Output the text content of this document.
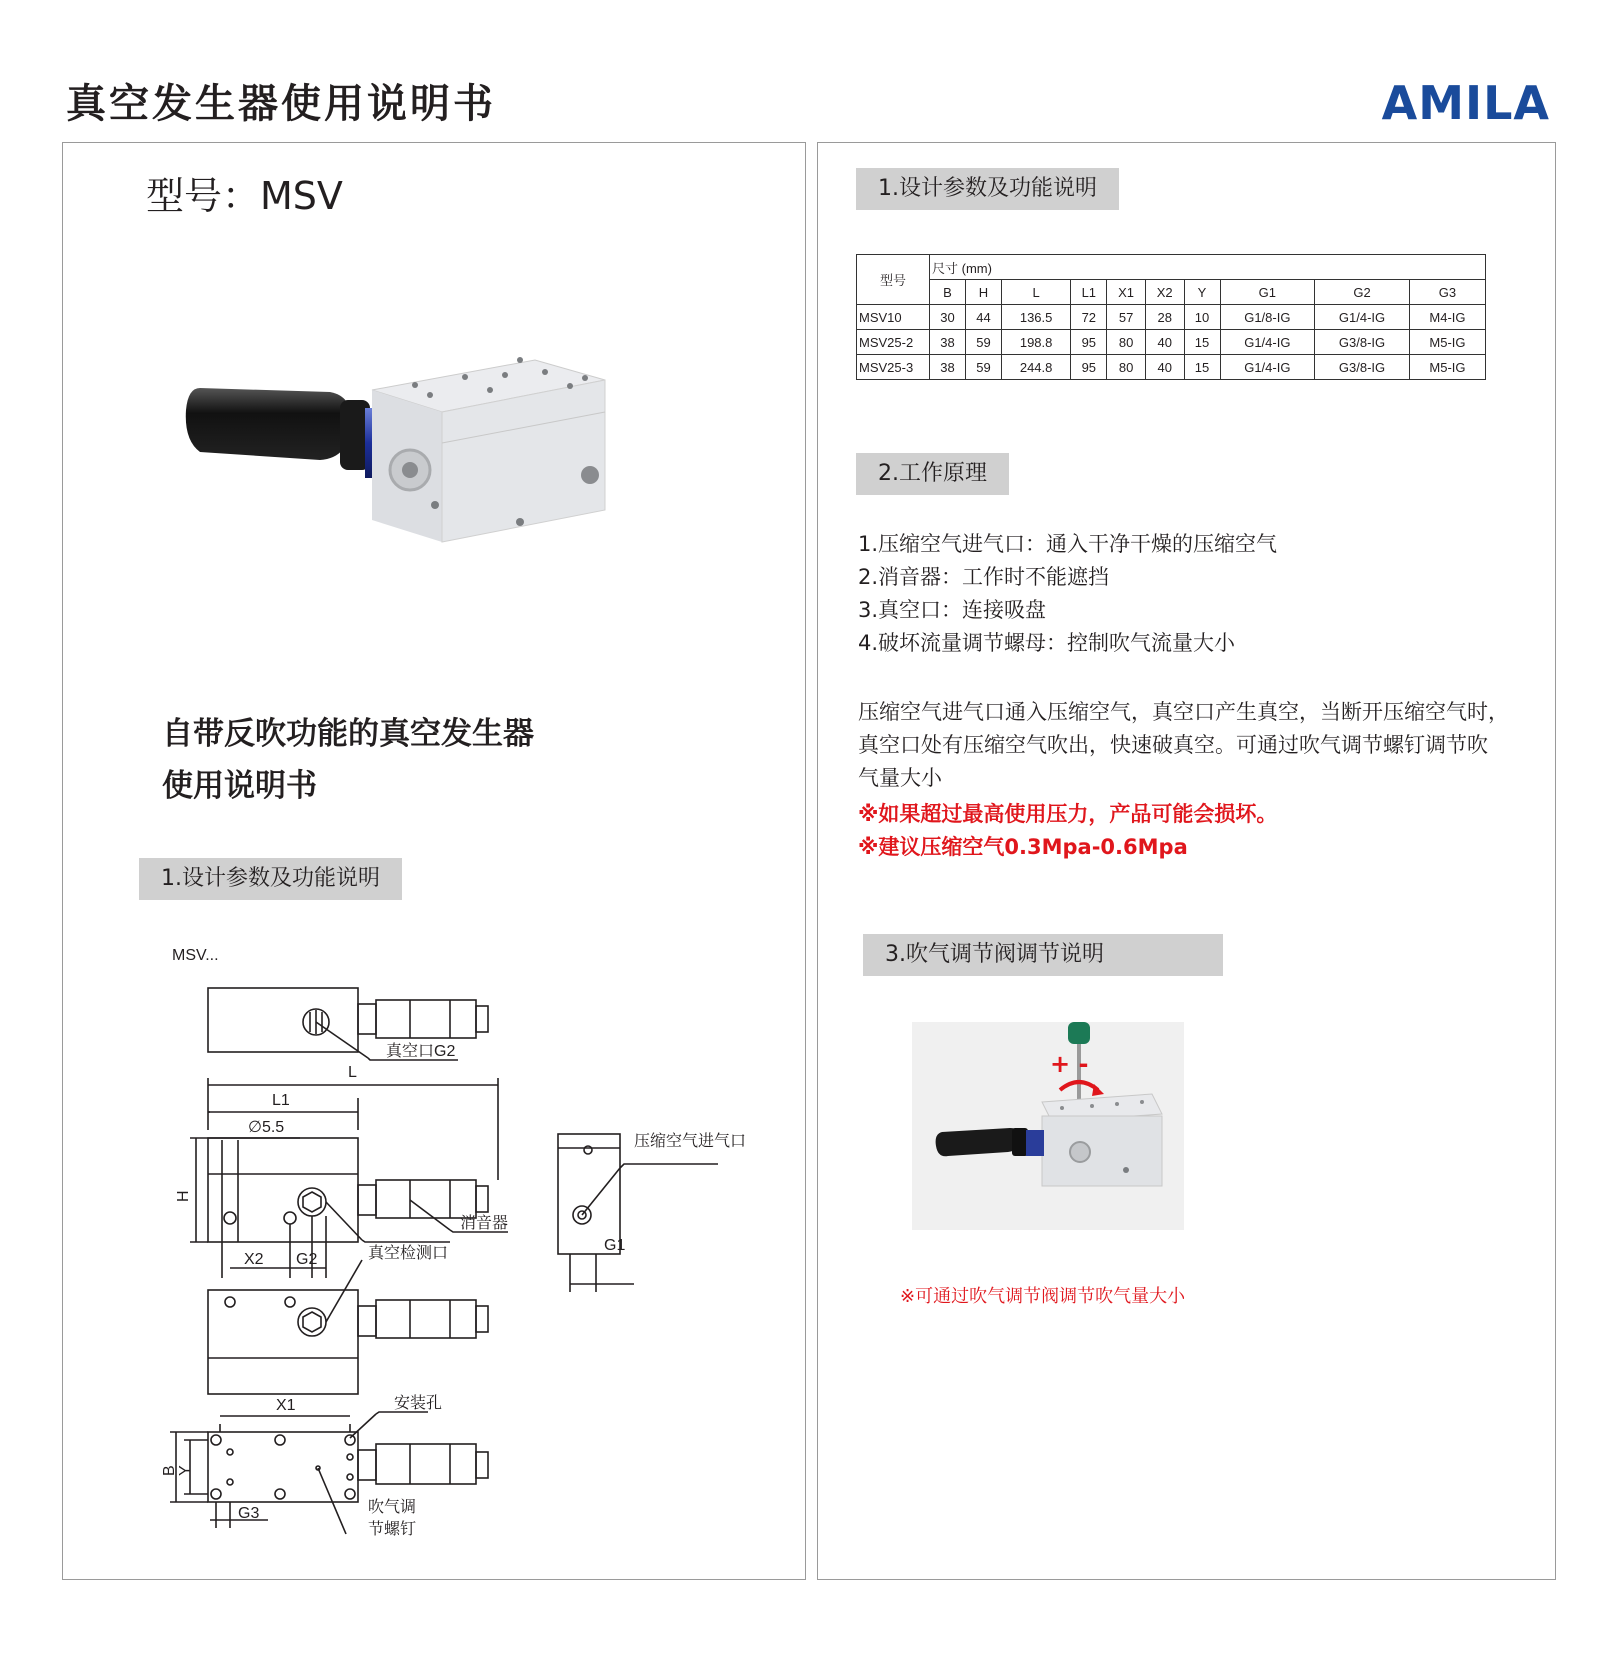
真空发生器使用说明书	AMILA
型号：MSV
自带反吹功能的真空发生器
使用说明书
1.设计参数及功能说明
MSV...
真空口G2
L
L1
∅5.5
H
X2 G2	真空检测口
消音器
压缩空气进气口
G1
X1	安装孔
B Y
G3	吹气调
节螺钉
1.设计参数及功能说明
型号	尺寸 (mm)									
	B	H	L	L1	X1	X2	Y	G1	G2	G3
MSV10	30	44	136.5	72	57	28	10	G1/8-IG	G1/4-IG	M4-IG
MSV25-2	38	59	198.8	95	80	40	15	G1/4-IG	G3/8-IG	M5-IG
MSV25-3	38	59	244.8	95	80	40	15	G1/4-IG	G3/8-IG	M5-IG
2.工作原理
1.压缩空气进气口：通入干净干燥的压缩空气
2.消音器：工作时不能遮挡
3.真空口：连接吸盘
4.破坏流量调节螺母：控制吹气流量大小
压缩空气进气口通入压缩空气，真空口产生真空，当断开压缩空气时，
真空口处有压缩空气吹出，快速破真空。可通过吹气调节螺钉调节吹
气量大小
※如果超过最高使用压力，产品可能会损坏。
※建议压缩空气0.3Mpa-0.6Mpa
3.吹气调节阀调节说明
+ -
※可通过吹气调节阀调节吹气量大小
